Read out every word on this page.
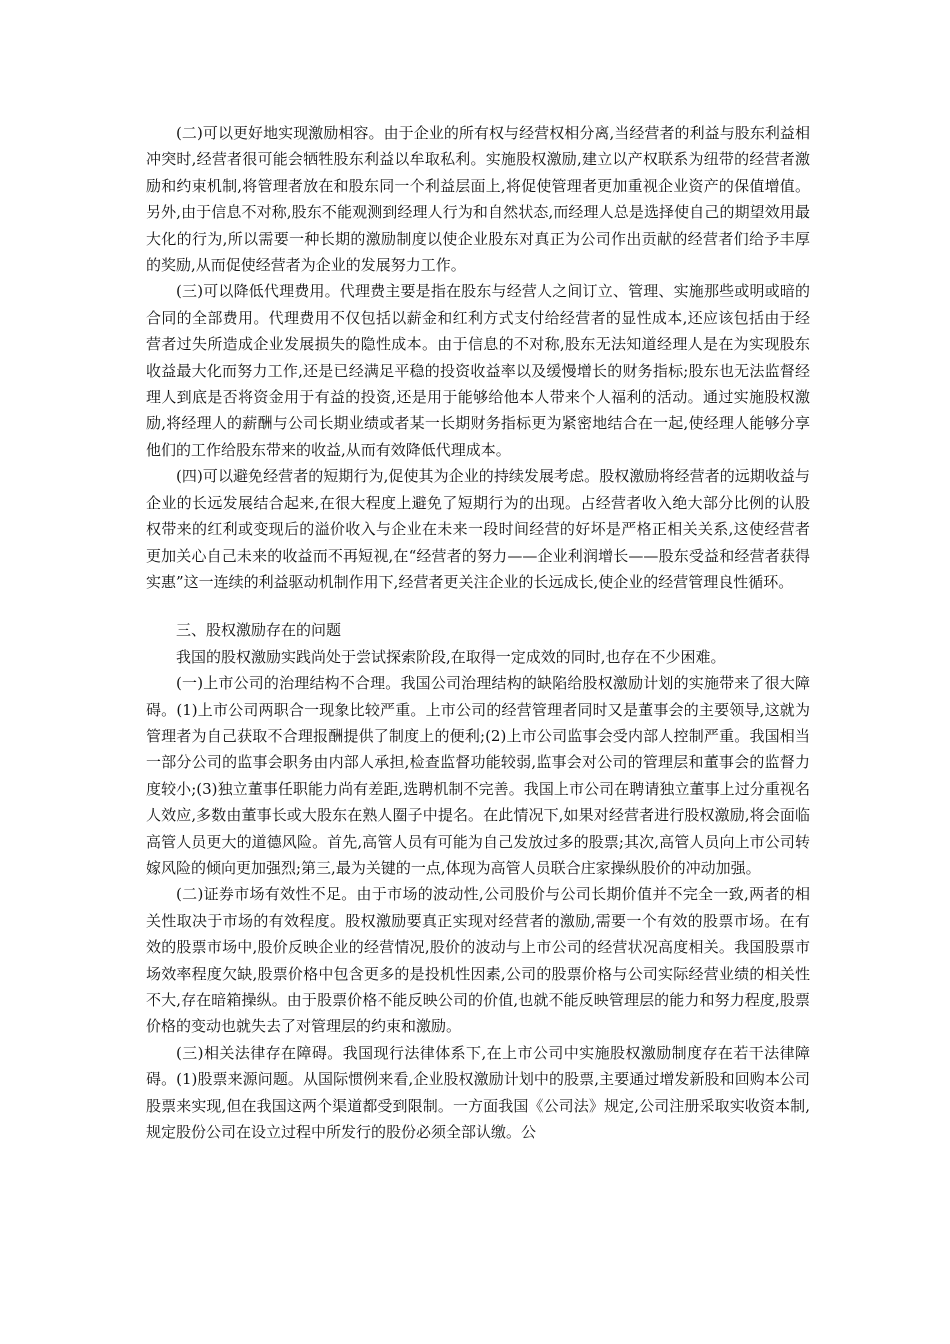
(二)可以更好地实现激励相容。由于企业的所有权与经营权相分离,当经营者的利益与股东利益相冲突时,经营者很可能会牺牲股东利益以牟取私利。实施股权激励,建立以产权联系为纽带的经营者激励和约束机制,将管理者放在和股东同一个利益层面上,将促使管理者更加重视企业资产的保值增值。另外,由于信息不对称,股东不能观测到经理人行为和自然状态,而经理人总是选择使自己的期望效用最大化的行为,所以需要一种长期的激励制度以使企业股东对真正为公司作出贡献的经营者们给予丰厚的奖励,从而促使经营者为企业的发展努力工作。

(三)可以降低代理费用。代理费主要是指在股东与经营人之间订立、管理、实施那些或明或暗的合同的全部费用。代理费用不仅包括以薪金和红利方式支付给经营者的显性成本,还应该包括由于经营者过失所造成企业发展损失的隐性成本。由于信息的不对称,股东无法知道经理人是在为实现股东收益最大化而努力工作,还是已经满足平稳的投资收益率以及缓慢增长的财务指标;股东也无法监督经理人到底是否将资金用于有益的投资,还是用于能够给他本人带来个人福利的活动。通过实施股权激励,将经理人的薪酬与公司长期业绩或者某一长期财务指标更为紧密地结合在一起,使经理人能够分享他们的工作给股东带来的收益,从而有效降低代理成本。

(四)可以避免经营者的短期行为,促使其为企业的持续发展考虑。股权激励将经营者的远期收益与企业的长远发展结合起来,在很大程度上避免了短期行为的出现。占经营者收入绝大部分比例的认股权带来的红利或变现后的溢价收入与企业在未来一段时间经营的好坏是严格正相关关系,这使经营者更加关心自己未来的收益而不再短视,在“经营者的努力——企业利润增长——股东受益和经营者获得实惠”这一连续的利益驱动机制作用下,经营者更关注企业的长远成长,使企业的经营管理良性循环。

三、股权激励存在的问题

我国的股权激励实践尚处于尝试探索阶段,在取得一定成效的同时,也存在不少困难。

(一)上市公司的治理结构不合理。我国公司治理结构的缺陷给股权激励计划的实施带来了很大障碍。(1)上市公司两职合一现象比较严重。上市公司的经营管理者同时又是董事会的主要领导,这就为管理者为自己获取不合理报酬提供了制度上的便利;(2)上市公司监事会受内部人控制严重。我国相当一部分公司的监事会职务由内部人承担,检查监督功能较弱,监事会对公司的管理层和董事会的监督力度较小;(3)独立董事任职能力尚有差距,选聘机制不完善。我国上市公司在聘请独立董事上过分重视名人效应,多数由董事长或大股东在熟人圈子中提名。在此情况下,如果对经营者进行股权激励,将会面临高管人员更大的道德风险。首先,高管人员有可能为自己发放过多的股票;其次,高管人员向上市公司转嫁风险的倾向更加强烈;第三,最为关键的一点,体现为高管人员联合庄家操纵股价的冲动加强。

(二)证券市场有效性不足。由于市场的波动性,公司股价与公司长期价值并不完全一致,两者的相关性取决于市场的有效程度。股权激励要真正实现对经营者的激励,需要一个有效的股票市场。在有效的股票市场中,股价反映企业的经营情况,股价的波动与上市公司的经营状况高度相关。我国股票市场效率程度欠缺,股票价格中包含更多的是投机性因素,公司的股票价格与公司实际经营业绩的相关性不大,存在暗箱操纵。由于股票价格不能反映公司的价值,也就不能反映管理层的能力和努力程度,股票价格的变动也就失去了对管理层的约束和激励。

(三)相关法律存在障碍。我国现行法律体系下,在上市公司中实施股权激励制度存在若干法律障碍。(1)股票来源问题。从国际惯例来看,企业股权激励计划中的股票,主要通过增发新股和回购本公司股票来实现,但在我国这两个渠道都受到限制。一方面我国《公司法》规定,公司注册采取实收资本制,规定股份公司在设立过程中所发行的股份必须全部认缴。公
